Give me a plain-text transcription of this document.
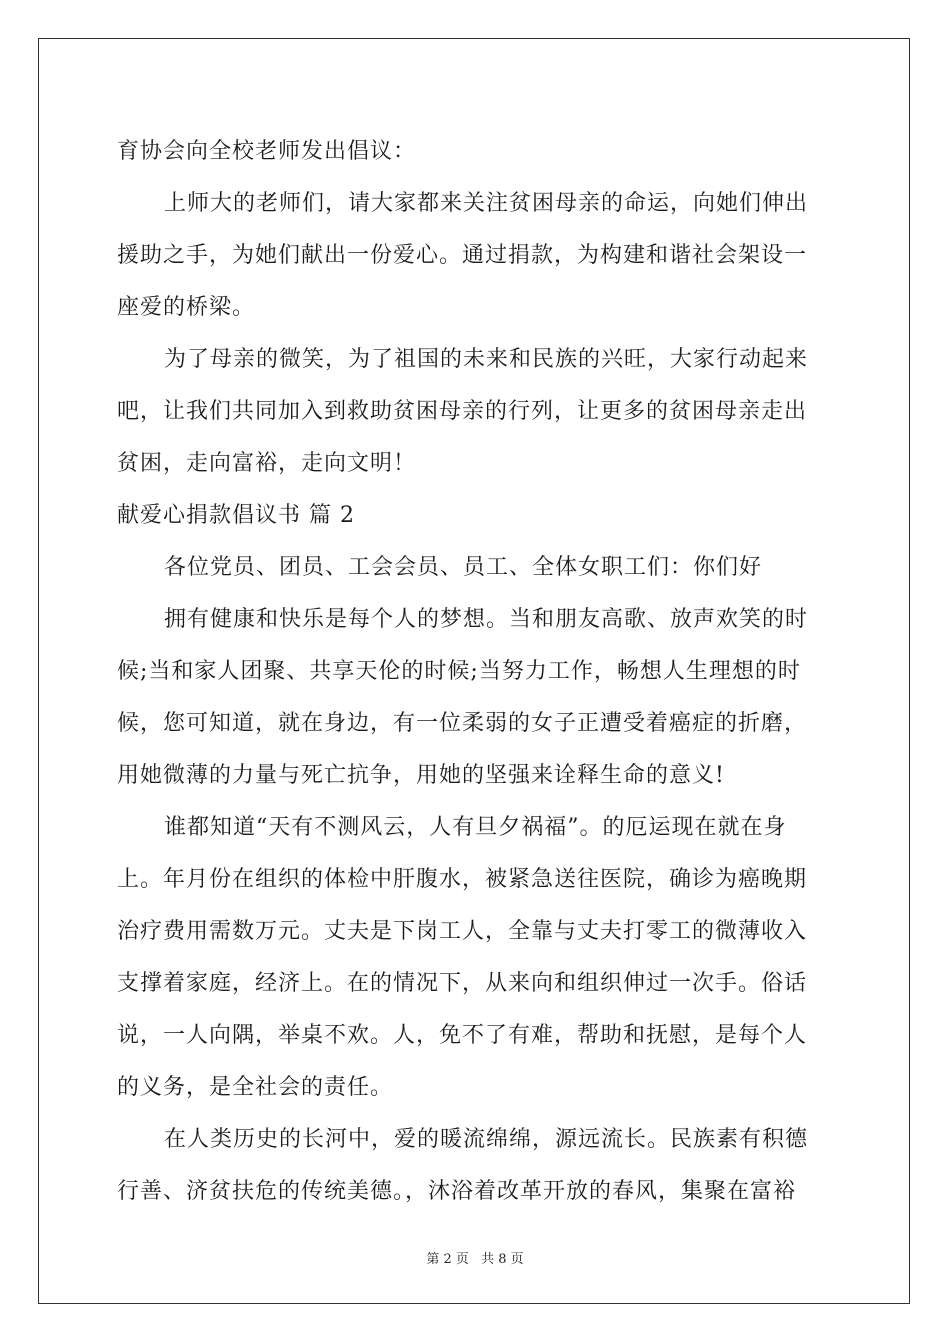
育协会向全校老师发出倡议：
上师大的老师们，请大家都来关注贫困母亲的命运，向她们伸出
援助之手，为她们献出一份爱心。通过捐款，为构建和谐社会架设一
座爱的桥梁。
为了母亲的微笑，为了祖国的未来和民族的兴旺，大家行动起来
吧，让我们共同加入到救助贫困母亲的行列，让更多的贫困母亲走出
贫困，走向富裕，走向文明！
献爱心捐款倡议书 篇 2
各位党员、团员、工会会员、员工、全体女职工们：你们好
拥有健康和快乐是每个人的梦想。当和朋友高歌、放声欢笑的时
候;当和家人团聚、共享天伦的时候;当努力工作，畅想人生理想的时
候，您可知道，就在身边，有一位柔弱的女子正遭受着癌症的折磨，
用她微薄的力量与死亡抗争，用她的坚强来诠释生命的意义!
谁都知道“天有不测风云，人有旦夕祸福”。的厄运现在就在身
上。年月份在组织的体检中肝腹水，被紧急送往医院，确诊为癌晚期
治疗费用需数万元。丈夫是下岗工人，全靠与丈夫打零工的微薄收入
支撑着家庭，经济上。在的情况下，从来向和组织伸过一次手。俗话
说，一人向隅，举桌不欢。人，免不了有难，帮助和抚慰，是每个人
的义务，是全社会的责任。
在人类历史的长河中，爱的暖流绵绵，源远流长。民族素有积德
行善、济贫扶危的传统美德。，沐浴着改革开放的春风，集聚在富裕
第 2 页 共 8 页
